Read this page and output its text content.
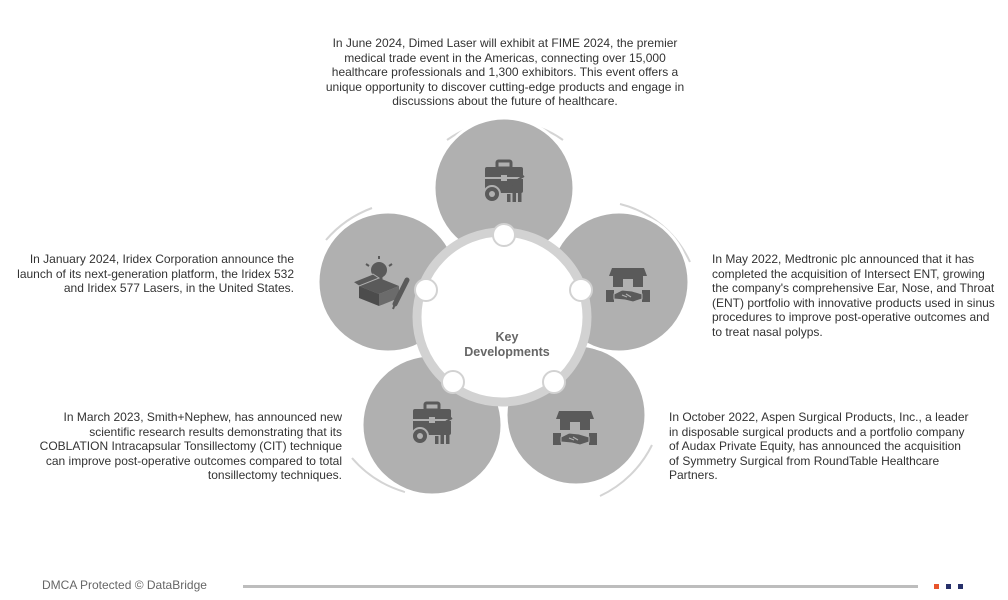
Key
Developments

In June 2024, Dimed Laser will exhibit at FIME 2024, the premier medical trade event in the Americas, connecting over 15,000 healthcare professionals and 1,300 exhibitors. This event offers a unique opportunity to discover cutting-edge products and engage in discussions about the future of healthcare.

In January 2024, Iridex Corporation announce the launch of its next-generation platform, the Iridex 532 and Iridex 577 Lasers, in the United States.

In May 2022, Medtronic plc announced that it has completed the acquisition of Intersect ENT, growing the company's comprehensive Ear, Nose, and Throat (ENT) portfolio with innovative products used in sinus procedures to improve post-operative outcomes and to treat nasal polyps.

In March 2023, Smith+Nephew, has announced new scientific research results demonstrating that its COBLATION Intracapsular Tonsillectomy (CIT) technique can improve post-operative outcomes compared to total tonsillectomy techniques.

In October 2022, Aspen Surgical Products, Inc., a leader in disposable surgical products and a portfolio company of Audax Private Equity, has announced the acquisition of Symmetry Surgical from RoundTable Healthcare Partners.

DMCA Protected © DataBridge
